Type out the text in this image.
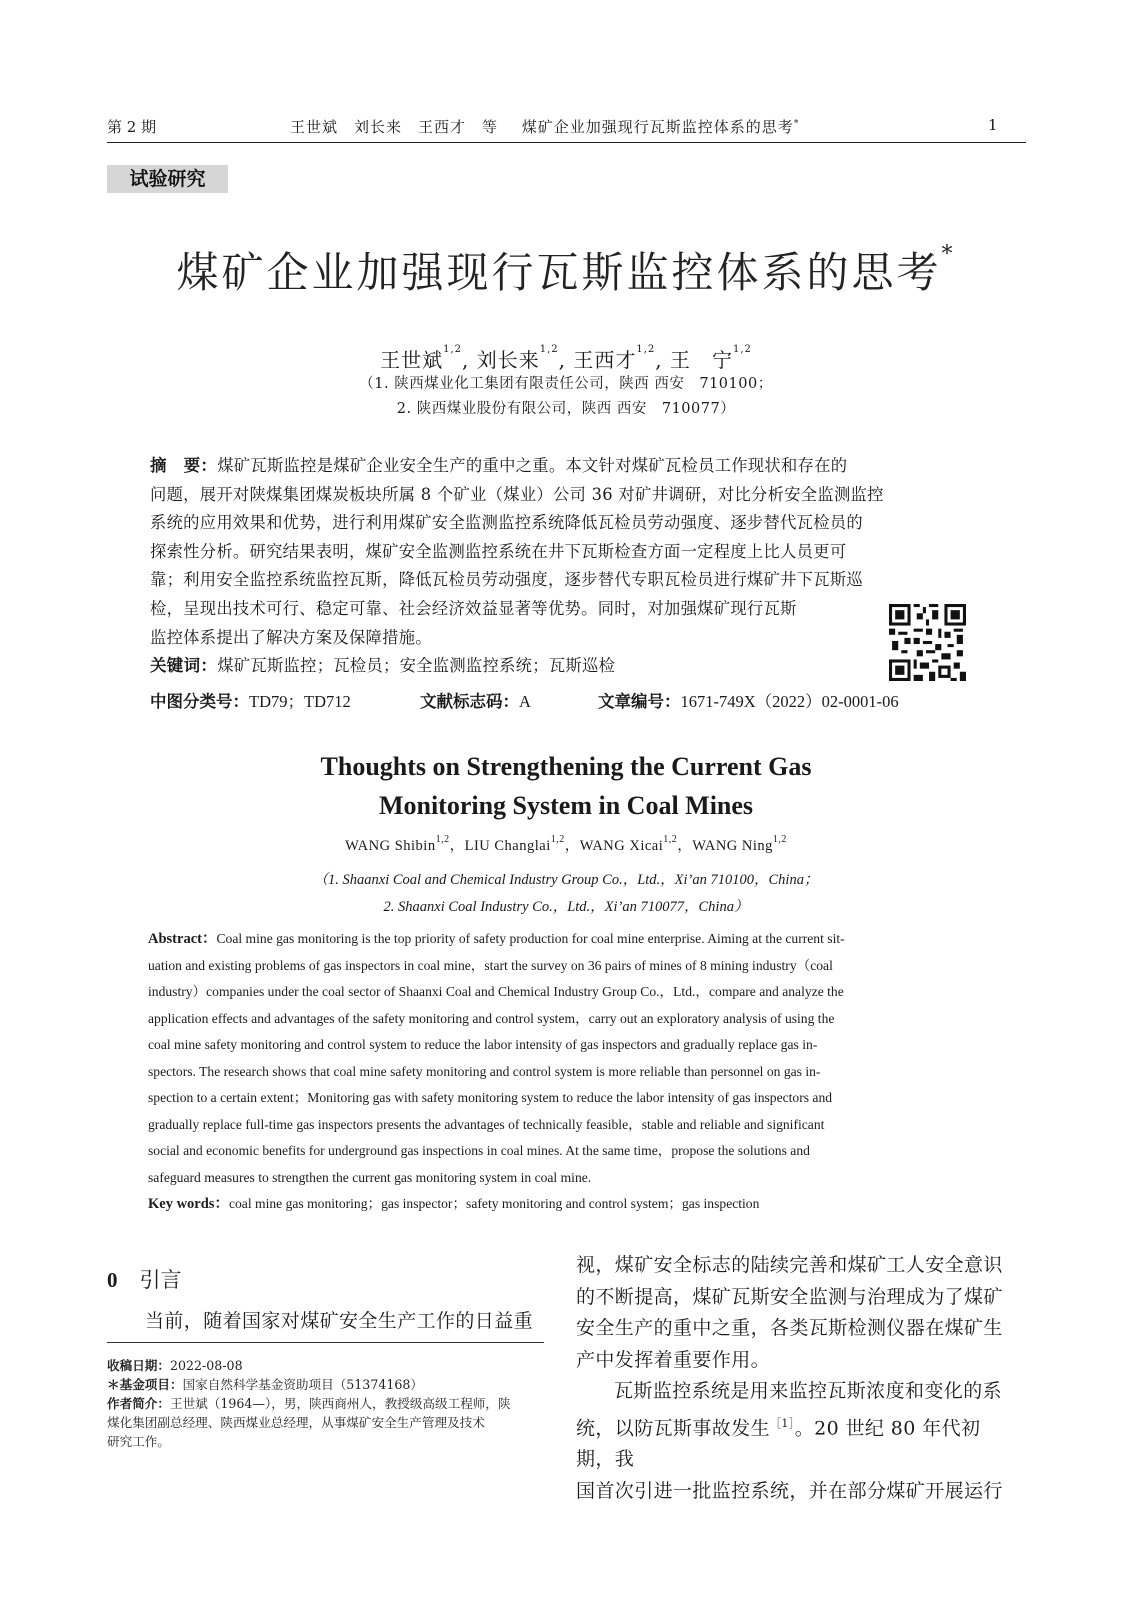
第 2 期	王世斌　刘长来　王西才　等 煤矿企业加强现行瓦斯监控体系的思考*	1
试验研究
煤矿企业加强现行瓦斯监控体系的思考*
王世斌$^{1,2}$, 刘长来$^{1,2}$, 王西才$^{1,2}$, 王　宁$^{1,2}$
（1. 陕西煤业化工集团有限责任公司，陕西 西安　710100；
2. 陕西煤业股份有限公司，陕西 西安　710077）
摘　要：煤矿瓦斯监控是煤矿企业安全生产的重中之重。本文针对煤矿瓦检员工作现状和存在的
问题，展开对陕煤集团煤炭板块所属 8 个矿业（煤业）公司 36 对矿井调研，对比分析安全监测监控
系统的应用效果和优势，进行利用煤矿安全监测监控系统降低瓦检员劳动强度、逐步替代瓦检员的
探索性分析。研究结果表明，煤矿安全监测监控系统在井下瓦斯检查方面一定程度上比人员更可
靠；利用安全监控系统监控瓦斯，降低瓦检员劳动强度，逐步替代专职瓦检员进行煤矿井下瓦斯巡
检，呈现出技术可行、稳定可靠、社会经济效益显著等优势。同时，对加强煤矿现行瓦斯
监控体系提出了解决方案及保障措施。
关键词：煤矿瓦斯监控；瓦检员；安全监测监控系统；瓦斯巡检
中图分类号：TD79；TD712	文献标志码：A	文章编号：1671-749X（2022）02-0001-06
Thoughts on Strengthening the Current Gas
Monitoring System in Coal Mines
WANG Shibin$^{1,2}$，LIU Changlai$^{1,2}$，WANG Xicai$^{1,2}$，WANG Ning$^{1,2}$
（1. Shaanxi Coal and Chemical Industry Group Co.，Ltd.，Xi’an 710100，China；
2. Shaanxi Coal Industry Co.，Ltd.，Xi’an 710077，China）
Abstract：Coal mine gas monitoring is the top priority of safety production for coal mine enterprise. Aiming at the current sit-
uation and existing problems of gas inspectors in coal mine，start the survey on 36 pairs of mines of 8 mining industry（coal
industry）companies under the coal sector of Shaanxi Coal and Chemical Industry Group Co.，Ltd.，compare and analyze the
application effects and advantages of the safety monitoring and control system，carry out an exploratory analysis of using the
coal mine safety monitoring and control system to reduce the labor intensity of gas inspectors and gradually replace gas in-
spectors. The research shows that coal mine safety monitoring and control system is more reliable than personnel on gas in-
spection to a certain extent；Monitoring gas with safety monitoring system to reduce the labor intensity of gas inspectors and
gradually replace full-time gas inspectors presents the advantages of technically feasible，stable and reliable and significant
social and economic benefits for underground gas inspections in coal mines. At the same time，propose the solutions and
safeguard measures to strengthen the current gas monitoring system in coal mine.
Key words：coal mine gas monitoring；gas inspector；safety monitoring and control system；gas inspection
0 引言
当前，随着国家对煤矿安全生产工作的日益重
收稿日期：2022-08-08
＊基金项目：国家自然科学基金资助项目（51374168）
作者简介：王世斌（1964—），男，陕西商州人，教授级高级工程师，陕
煤化集团副总经理、陕西煤业总经理，从事煤矿安全生产管理及技术
研究工作。
视，煤矿安全标志的陆续完善和煤矿工人安全意识
的不断提高，煤矿瓦斯安全监测与治理成为了煤矿
安全生产的重中之重，各类瓦斯检测仪器在煤矿生
产中发挥着重要作用。
瓦斯监控系统是用来监控瓦斯浓度和变化的系
统，以防瓦斯事故发生$^{[1]}$。20 世纪 80 年代初期，我
国首次引进一批监控系统，并在部分煤矿开展运行
